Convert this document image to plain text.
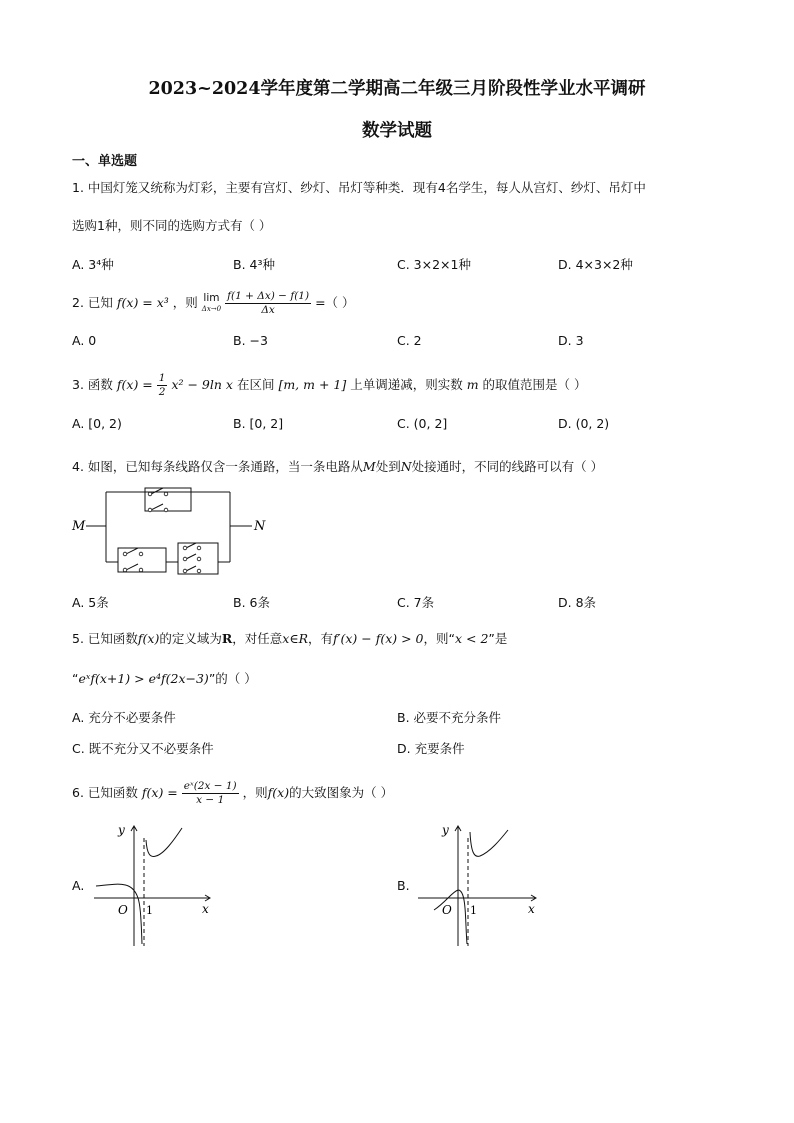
2023~2024学年度第二学期高二年级三月阶段性学业水平调研
数学试题
一、单选题
1. 中国灯笼又统称为灯彩，主要有宫灯、纱灯、吊灯等种类．现有4名学生，每人从宫灯、纱灯、吊灯中
选购1种，则不同的选购方式有（ ）
A. 3⁴种	B. 4³种	C. 3×2×1种	D. 4×3×2种
2. 已知 f(x) = x³ ，则 lim
Δx→0
$\frac{f(1 + \Delta x) - f(1)}{\Delta x}$ =（ ）
A. 0	B. −3	C. 2	D. 3
3. 函数 $f(x) = \frac{1}{2} x^2 - 9\ln$ x 在区间 [m, m + 1] 上单调递减，则实数 m 的取值范围是（ ）
A. [0, 2)	B. [0, 2]	C. (0, 2]	D. (0, 2)
4. 如图，已知每条线路仅含一条通路，当一条电路从M处到N处接通时，不同的线路可以有（ ）
M	N
A. 5条	B. 6条	C. 7条	D. 8条
5. 已知函数f(x)的定义域为R，对任意x∈R，有f′(x) − f(x) > 0，则“x < 2”是
“eˣf(x+1) > e⁴f(2x−3)”的（ ）
A. 充分不必要条件	B. 必要不充分条件
C. 既不充分又不必要条件	D. 充要条件
6. 已知函数 $f(x) = \frac{\text{eˣ(2x − 1)}}{x - 1}$ ，则f(x)的大致图象为（ ）
A.
y
x
O 1
B.
y
x
O 1
